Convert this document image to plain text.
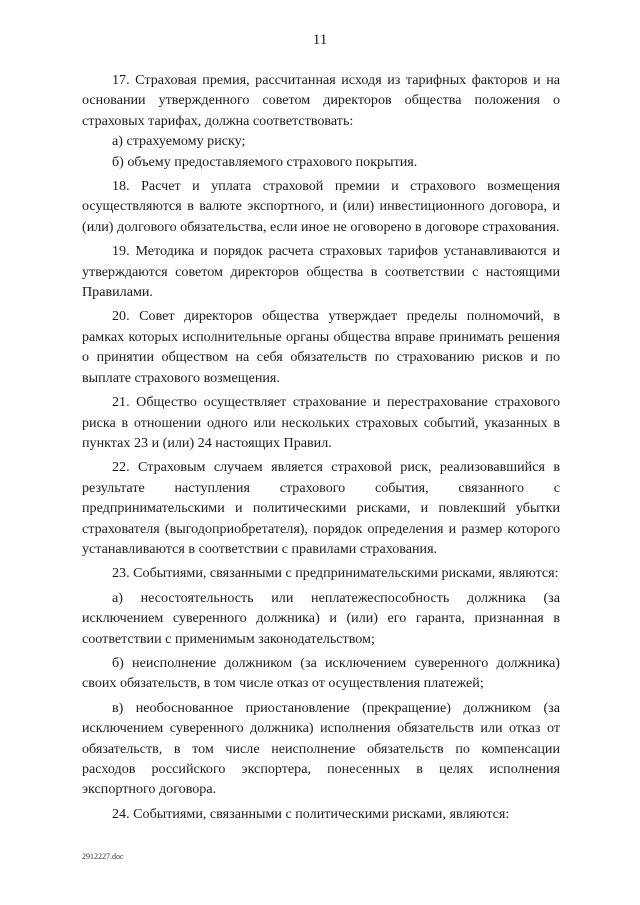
11

17. Страховая премия, рассчитанная исходя из тарифных факторов и на основании утвержденного советом директоров общества положения о страховых тарифах, должна соответствовать:

а) страхуемому риску;

б) объему предоставляемого страхового покрытия.

18. Расчет и уплата страховой премии и страхового возмещения осуществляются в валюте экспортного, и (или) инвестиционного договора, и (или) долгового обязательства, если иное не оговорено в договоре страхования.

19. Методика и порядок расчета страховых тарифов устанавливаются и утверждаются советом директоров общества в соответствии с настоящими Правилами.

20. Совет директоров общества утверждает пределы полномочий, в рамках которых исполнительные органы общества вправе принимать решения о принятии обществом на себя обязательств по страхованию рисков и по выплате страхового возмещения.

21. Общество осуществляет страхование и перестрахование страхового риска в отношении одного или нескольких страховых событий, указанных в пунктах 23 и (или) 24 настоящих Правил.

22. Страховым случаем является страховой риск, реализовавшийся в результате наступления страхового события, связанного с предпринимательскими и политическими рисками, и повлекший убытки страхователя (выгодоприобретателя), порядок определения и размер которого устанавливаются в соответствии с правилами страхования.

23. Событиями, связанными с предпринимательскими рисками, являются:

а) несостоятельность или неплатежеспособность должника (за исключением суверенного должника) и (или) его гаранта, признанная в соответствии с применимым законодательством;

б) неисполнение должником (за исключением суверенного должника) своих обязательств, в том числе отказ от осуществления платежей;

в) необоснованное приостановление (прекращение) должником (за исключением суверенного должника) исполнения обязательств или отказ от обязательств, в том числе неисполнение обязательств по компенсации расходов российского экспортера, понесенных в целях исполнения экспортного договора.

24. Событиями, связанными с политическими рисками, являются:

2912227.doc
